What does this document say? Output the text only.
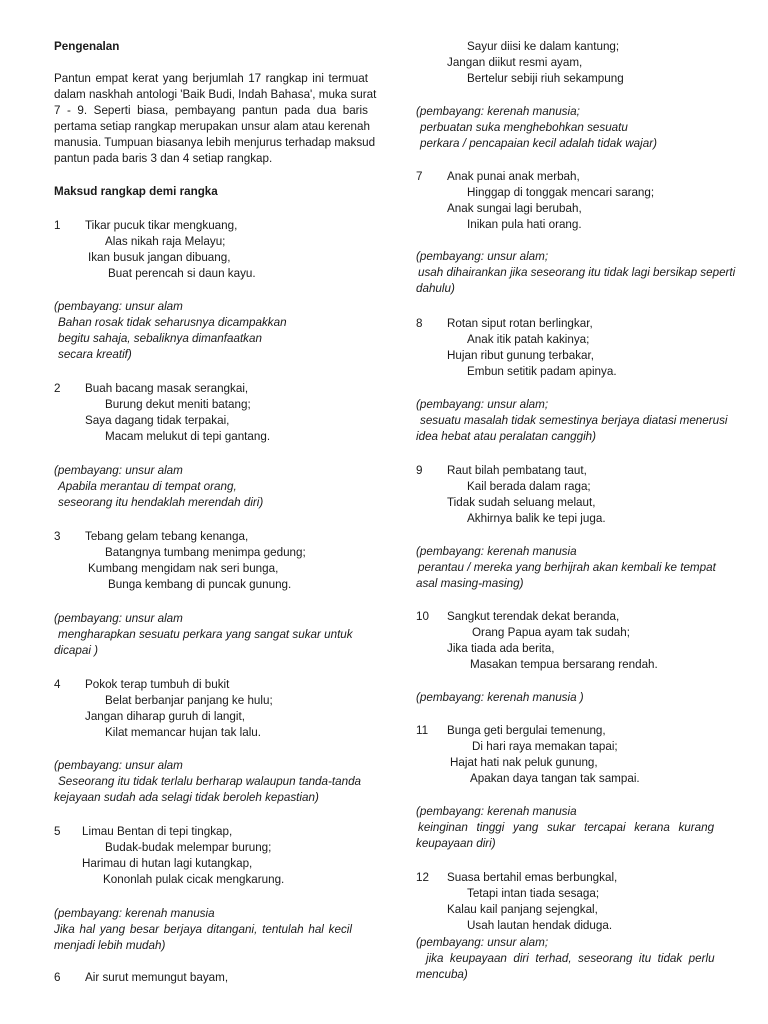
Pengenalan
Pantun empat kerat yang berjumlah 17 rangkap ini termuat
dalam naskhah antologi 'Baik Budi, Indah Bahasa', muka surat
7 - 9. Seperti biasa, pembayang pantun pada dua baris
pertama setiap rangkap merupakan unsur alam atau kerenah
manusia. Tumpuan biasanya lebih menjurus terhadap maksud
pantun pada baris 3 dan 4 setiap rangkap.
Maksud rangkap demi rangka
1 Tikar pucuk tikar mengkuang,
Alas nikah raja Melayu;
Ikan busuk jangan dibuang,
Buat perencah si daun kayu.
(pembayang: unsur alam
Bahan rosak tidak seharusnya dicampakkan
begitu sahaja, sebaliknya dimanfaatkan
secara kreatif)
2 Buah bacang masak serangkai,
Burung dekut meniti batang;
Saya dagang tidak terpakai,
Macam melukut di tepi gantang.
(pembayang: unsur alam
Apabila merantau di tempat orang,
seseorang itu hendaklah merendah diri)
3 Tebang gelam tebang kenanga,
Batangnya tumbang menimpa gedung;
Kumbang mengidam nak seri bunga,
Bunga kembang di puncak gunung.
(pembayang: unsur alam
mengharapkan sesuatu perkara yang sangat sukar untuk
dicapai )
4 Pokok terap tumbuh di bukit
Belat berbanjar panjang ke hulu;
Jangan diharap guruh di langit,
Kilat memancar hujan tak lalu.
(pembayang: unsur alam
Seseorang itu tidak terlalu berharap walaupun tanda-tanda
kejayaan sudah ada selagi tidak beroleh kepastian)
5 Limau Bentan di tepi tingkap,
Budak-budak melempar burung;
Harimau di hutan lagi kutangkap,
Kononlah pulak cicak mengkarung.
(pembayang: kerenah manusia
Jika hal yang besar berjaya ditangani, tentulah hal kecil
menjadi lebih mudah)
6 Air surut memungut bayam,
Sayur diisi ke dalam kantung;
Jangan diikut resmi ayam,
Bertelur sebiji riuh sekampung
(pembayang: kerenah manusia;
perbuatan suka menghebohkan sesuatu
perkara / pencapaian kecil adalah tidak wajar)
7 Anak punai anak merbah,
Hinggap di tonggak mencari sarang;
Anak sungai lagi berubah,
Inikan pula hati orang.
(pembayang: unsur alam;
usah dihairankan jika seseorang itu tidak lagi bersikap seperti
dahulu)
8 Rotan siput rotan berlingkar,
Anak itik patah kakinya;
Hujan ribut gunung terbakar,
Embun setitik padam apinya.
(pembayang: unsur alam;
sesuatu masalah tidak semestinya berjaya diatasi menerusi
idea hebat atau peralatan canggih)
9 Raut bilah pembatang taut,
Kail berada dalam raga;
Tidak sudah seluang melaut,
Akhirnya balik ke tepi juga.
(pembayang: kerenah manusia
perantau / mereka yang berhijrah akan kembali ke tempat
asal masing-masing)
10 Sangkut terendak dekat beranda,
Orang Papua ayam tak sudah;
Jika tiada ada berita,
Masakan tempua bersarang rendah.
(pembayang: kerenah manusia )
11 Bunga geti bergulai temenung,
Di hari raya memakan tapai;
Hajat hati nak peluk gunung,
Apakan daya tangan tak sampai.
(pembayang: kerenah manusia
keinginan tinggi yang sukar tercapai kerana kurang
keupayaan diri)
12 Suasa bertahil emas berbungkal,
Tetapi intan tiada sesaga;
Kalau kail panjang sejengkal,
Usah lautan hendak diduga.
(pembayang: unsur alam;
jika keupayaan diri terhad, seseorang itu tidak perlu
mencuba)
